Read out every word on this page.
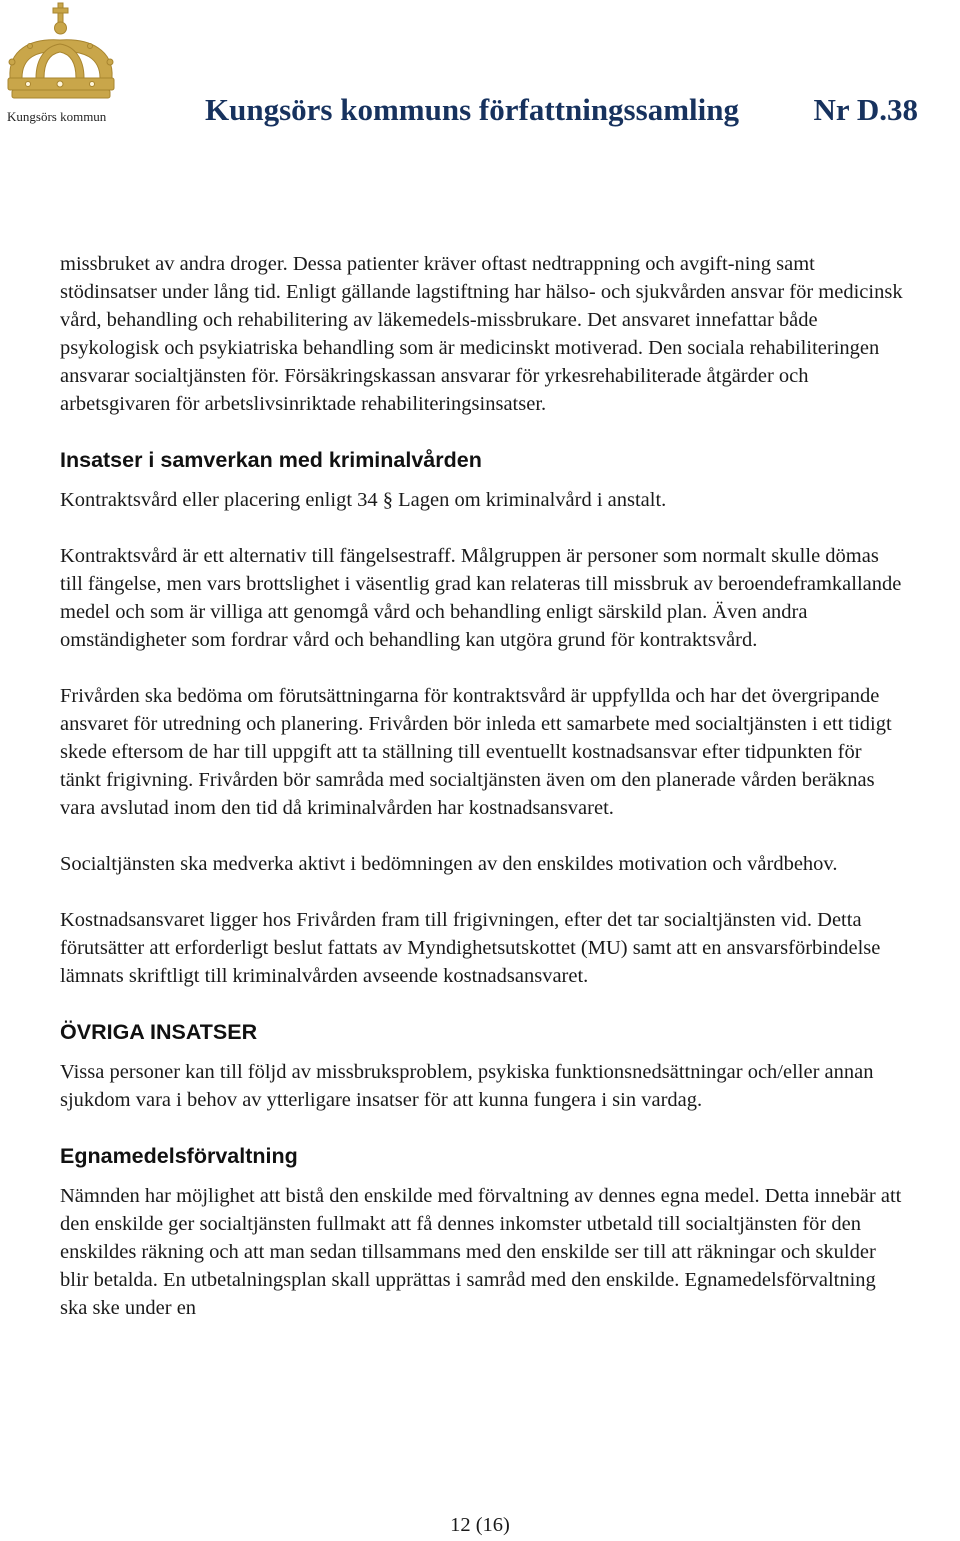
Kungsörs kommun	Kungsörs kommuns författningssamling Nr D.38

missbruket av andra droger. Dessa patienter kräver oftast nedtrappning och avgift-ning samt stödinsatser under lång tid. Enligt gällande lagstiftning har hälso- och sjukvården ansvar för medicinsk vård, behandling och rehabilitering av läkemedels-missbrukare. Det ansvaret innefattar både psykologisk och psykiatriska behandling som är medicinskt motiverad. Den sociala rehabiliteringen ansvarar socialtjänsten för. Försäkringskassan ansvarar för yrkesrehabiliterade åtgärder och arbetsgivaren för arbetslivsinriktade rehabiliteringsinsatser.

Insatser i samverkan med kriminalvården

Kontraktsvård eller placering enligt 34 § Lagen om kriminalvård i anstalt.

Kontraktsvård är ett alternativ till fängelsestraff. Målgruppen är personer som normalt skulle dömas till fängelse, men vars brottslighet i väsentlig grad kan relateras till missbruk av beroendeframkallande medel och som är villiga att genomgå vård och behandling enligt särskild plan. Även andra omständigheter som fordrar vård och behandling kan utgöra grund för kontraktsvård.

Frivården ska bedöma om förutsättningarna för kontraktsvård är uppfyllda och har det övergripande ansvaret för utredning och planering. Frivården bör inleda ett samarbete med socialtjänsten i ett tidigt skede eftersom de har till uppgift att ta ställning till eventuellt kostnadsansvar efter tidpunkten för tänkt frigivning. Frivården bör samråda med socialtjänsten även om den planerade vården beräknas vara avslutad inom den tid då kriminalvården har kostnadsansvaret.

Socialtjänsten ska medverka aktivt i bedömningen av den enskildes motivation och vårdbehov.

Kostnadsansvaret ligger hos Frivården fram till frigivningen, efter det tar socialtjänsten vid. Detta förutsätter att erforderligt beslut fattats av Myndighetsutskottet (MU) samt att en ansvarsförbindelse lämnats skriftligt till kriminalvården avseende kostnadsansvaret.

ÖVRIGA INSATSER

Vissa personer kan till följd av missbruksproblem, psykiska funktionsnedsättningar och/eller annan sjukdom vara i behov av ytterligare insatser för att kunna fungera i sin vardag.

Egnamedelsförvaltning

Nämnden har möjlighet att bistå den enskilde med förvaltning av dennes egna medel. Detta innebär att den enskilde ger socialtjänsten fullmakt att få dennes inkomster utbetald till socialtjänsten för den enskildes räkning och att man sedan tillsammans med den enskilde ser till att räkningar och skulder blir betalda. En utbetalningsplan skall upprättas i samråd med den enskilde. Egnamedelsförvaltning ska ske under en

12 (16)
